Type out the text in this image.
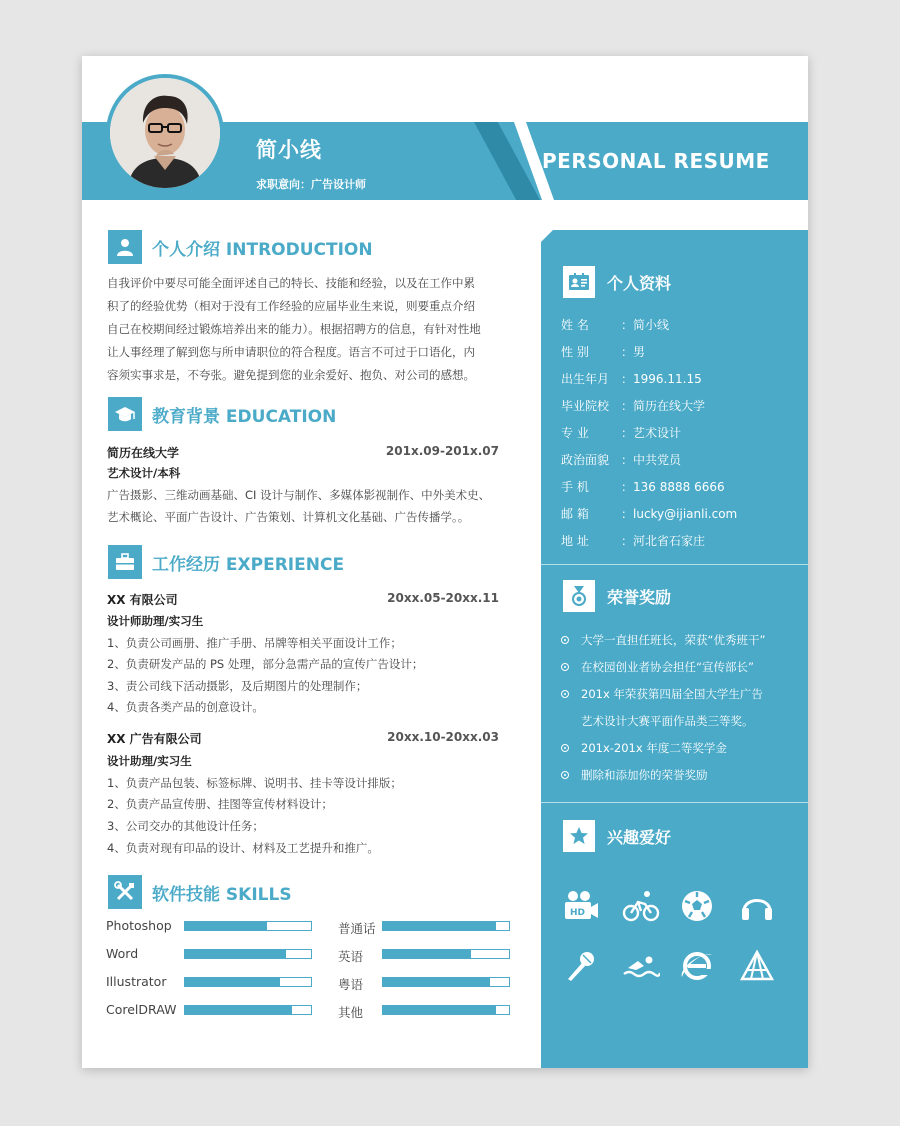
简小线
求职意向：广告设计师
PERSONAL RESUME
个人介绍 INTRODUCTION
自我评价中要尽可能全面评述自己的特长、技能和经验，以及在工作中累
积了的经验优势（相对于没有工作经验的应届毕业生来说，则要重点介绍
自己在校期间经过锻炼培养出来的能力）。根据招聘方的信息，有针对性地
让人事经理了解到您与所申请职位的符合程度。语言不可过于口语化，内
容须实事求是，不夸张。避免提到您的业余爱好、抱负、对公司的感想。
教育背景 EDUCATION
简历在线大学	201x.09-201x.07
艺术设计/本科
广告摄影、三维动画基础、CI 设计与制作、多媒体影视制作、中外美术史、
艺术概论、平面广告设计、广告策划、计算机文化基础、广告传播学。。
工作经历 EXPERIENCE
XX 有限公司	20xx.05-20xx.11
设计师助理/实习生
1、负责公司画册、推广手册、吊牌等相关平面设计工作；
2、负责研发产品的 PS 处理，部分急需产品的宣传广告设计；
3、责公司线下活动摄影，及后期图片的处理制作；
4、负责各类产品的创意设计。
XX 广告有限公司	20xx.10-20xx.03
设计助理/实习生
1、负责产品包装、标签标牌、说明书、挂卡等设计排版；
2、负责产品宣传册、挂图等宣传材料设计；
3、公司交办的其他设计任务；
4、负责对现有印品的设计、材料及工艺提升和推广。
软件技能 SKILLS
Photoshop
Word
Illustrator
CorelDRAW
普通话
英语
粤语
其他
个人资料
姓 名	：简小线
性 别	：男
出生年月 ：1996.11.15
毕业院校 ：简历在线大学
专 业	：艺术设计
政治面貌 ：中共党员
手 机	：136 8888 6666
邮 箱	：lucky@ijianli.com
地 址	：河北省石家庄
荣誉奖励
大学一直担任班长，荣获“优秀班干”
在校园创业者协会担任“宣传部长”
201x 年荣获第四届全国大学生广告
艺术设计大赛平面作品类三等奖。
201x-201x 年度二等奖学金
删除和添加你的荣誉奖励
兴趣爱好
HD
